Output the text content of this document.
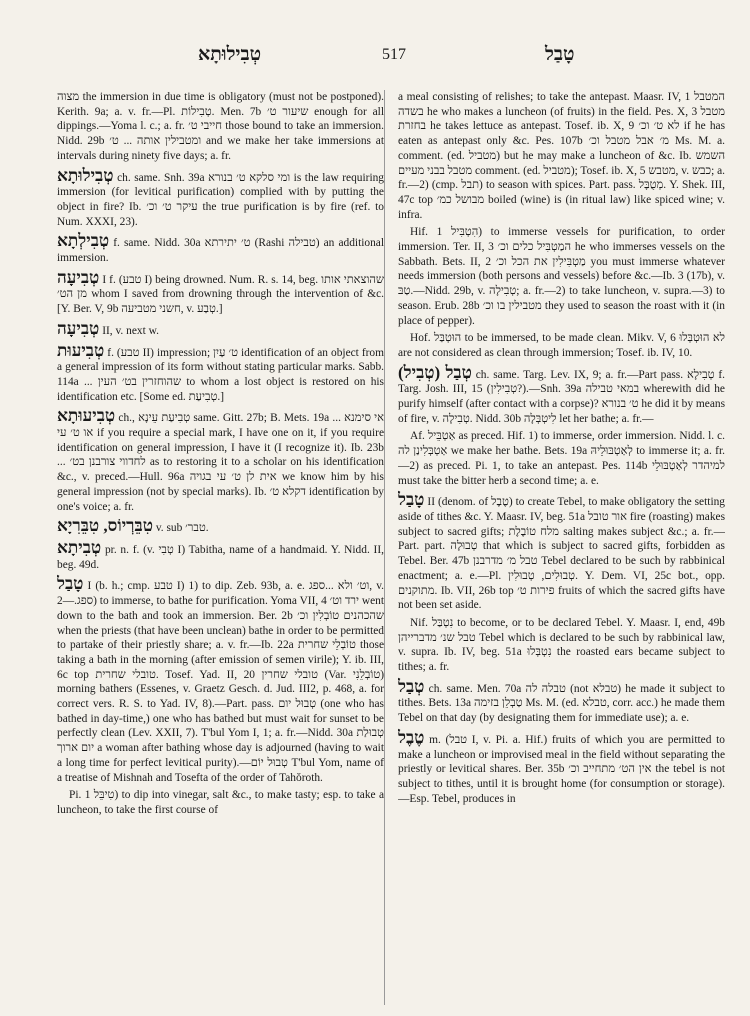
טְבִילוּתָא	517	טָבַל

מצוה the immersion in due time is obligatory (must not be postponed). Kerith. 9a; a. v. fr.—Pl. טְבִילוֹת. Men. 7b שיעור ט׳ enough for all dippings.—Yoma l. c.; a. fr. חייבי ט׳ those bound to take an immersion. Nidd. 29b ומטבילין אותה ... ט׳ and we make her take immersions at intervals during ninety five days; a. fr.

טְבִילוּתָא ch. same. Snh. 39a ומי סלקא ט׳ בנורא is the law requiring immersion (for levitical purification) complied with by putting the object in fire? Ib. עיקר ט׳ וכ׳ the true purification is by fire (ref. to Num. XXXI, 23).

טְבִילְתָא f. same. Nidd. 30a ט׳ יתירתא (Rashi טבילה) an additional immersion.

טְבִיעָה I f. (טבע I) being drowned. Num. R. s. 14, beg. שהוצאתי אותו מן הט׳ whom I saved from drowning through the intervention of &c. [Y. Ber. V, 9b חשני מטביעה, v. טְבַע.]

טְבִיעָה II, v. next w.

טְבִיעוּת f. (טבע II) impression; ט׳ עַיִן identification of an object from a general impression of its form without stating particular marks. Sabb. 114a ... שהוחזרין בט׳ העין to whom a lost object is restored on his identification etc. [Some ed. טְבִיעַת.]

טְבִיעוּתָא ch., טְבִיעַת עֵינָא same. Gitt. 27b; B. Mets. 19a אי סימנא ... או ט׳ עי if you require a special mark, I have one on it, if you require identification on general impression, I have it (I recognize it). Ib. 23b ... לחדווי צורבנן בט׳ as to restoring it to a scholar on his identification &c., v. preced.—Hull. 96a אית לן ט׳ עי בגויה we know him by his general impression (not by special marks). Ib. דקלא ט׳ identification by one's voice; a. fr.

טִבֵּרְיוֹס, טִבֵּרִיָא v. sub טבר׳.

טְבִיתָא pr. n. f. (v. טְבִי I) Tabitha, name of a handmaid. Y. Nidd. II, beg. 49d.

טָבַל I (b. h.; cmp. טבע I) 1) to dip. Zeb. 93b, a. e. וט׳ ולא ...ספג, v. ספג.—2) to immerse, to bathe for purification. Yoma VII, 4 ירד וט׳ went down to the bath and took an immersion. Ber. 2b שהכהנים טוֹבְלִין וכ׳ when the priests (that have been unclean) bathe in order to be permitted to partake of their priestly share; a. v. fr.—Ib. 22a טוֹבְלֵי שחרית those taking a bath in the morning (after emission of semen virile); Y. ib. III, 6c top טובלי שחרית. Tosef. Yad. II, 20 טובלי שחרין (Var. טוֹבְלֵנִי) morning bathers (Essenes, v. Graetz Gesch. d. Jud. III2, p. 468, a. for correct vers. R. S. to Yad. IV, 8).—Part. pass. טְבוּל יום (one who has bathed in day-time,) one who has bathed but must wait for sunset to be perfectly clean (Lev. XXII, 7). T'bul Yom I, 1; a. fr.—Nidd. 30a טְבוּלַת יום ארוך a woman after bathing whose day is adjourned (having to wait a long time for perfect levitical purity).—טְבוּל יוֹם T'bul Yom, name of a treatise of Mishnah and Tosefta of the order of Tahŏroth.

Pi. טִיבֵּל 1) to dip into vinegar, salt &c., to make tasty; esp. to take a luncheon, to take the first course of

a meal consisting of relishes; to take the antepast. Maasr. IV, 1 המטבל בשדה he who makes a luncheon (of fruits) in the field. Pes. X, 3 מטבל בחזרת he takes lettuce as antepast. Tosef. ib. X, 9 לא ט׳ וכ׳ if he has eaten as antepast only &c. Pes. 107b מ׳ אבל מטבל וכ׳ Ms. M. a. comment. (ed. מטביל) but he may make a luncheon of &c. Ib. השמש מטבל בבני מעיים comment. (ed. מטביל); Tosef. ib. X, 5 מטבש, v. כבש; a. fr.—2) (cmp. תבל) to season with spices. Part. pass. מְטֻבָּל. Y. Shek. III, 47c top מבושל כמ׳ boiled (wine) is (in ritual law) like spiced wine; v. infra.

Hif. הִטְבִּיל 1) to immerse vessels for purification, to order immersion. Ter. II, 3 המַטְבִּיל כלים וכ׳ he who immerses vessels on the Sabbath. Bets. II, 2 מַטְבִּילִין את הכל וכ׳ you must immerse whatever needs immersion (both persons and vessels) before &c.—Ib. 3 (17b), v. טַבּ.—Nidd. 29b, v. טְבִילָה; a. fr.—2) to take luncheon, v. supra.—3) to season. Erub. 28b מטבילין בו וכ׳ they used to season the roast with it (in place of pepper).

Hof. הוּטְבַּל to be immersed, to be made clean. Mikv. V, 6 לא הוּטְבְּלוּ are not considered as clean through immersion; Tosef. ib. IV, 10.

טְבַל (טְבִיל) ch. same. Targ. Lev. IX, 9; a. fr.—Part pass. טְבִילָא f. Targ. Josh. III, 15 (טְבִילִין?).—Snh. 39a במאי טבילה wherewith did he purify himself (after contact with a corpse)? ט׳ בנורא he did it by means of fire, v. טְבִילָה. Nidd. 30b לִיטְבְּלָה let her bathe; a. fr.—

Af. אַטְבֵּיל as preced. Hif. 1) to immerse, order immersion. Nidd. l. c. אַטְבְּלִינַן לה we make her bathe. Bets. 19a לְאַטְבּוּלֵיהּ to immerse it; a. fr.—2) as preced. Pi. 1, to take an antepast. Pes. 114b למיהדר לְאַטְבּוּלֵי must take the bitter herb a second time; a. e.

טָבַל II (denom. of טֶבֶל) to create Tebel, to make obligatory the setting aside of tithes &c. Y. Maasr. IV, beg. 51a אור טובל fire (roasting) makes subject to sacred gifts; מלח טוֹבֶלֶת salting makes subject &c.; a. fr.—Part. part. טְבוּלָה that which is subject to sacred gifts, forbidden as Tebel. Ber. 47b טבל מ׳ מדרבנן Tebel declared to be such by rabbinical enactment; a. e.—Pl. טְבוּלִים, טְבוּלִין. Y. Dem. VI, 25c bot., opp. מתוקנים. Ib. VII, 26b top פירות ט׳ fruits of which the sacred gifts have not been set aside.

Nif. נִטְבַּל to become, or to be declared Tebel. Y. Maasr. I, end, 49b טבל שנ׳ מדברייהן Tebel which is declared to be such by rabbinical law, v. supra. Ib. IV, beg. 51a נִטְבְּלוּ the roasted ears became subject to tithes; a. fr.

טְבַל ch. same. Men. 70a טבלה לה (not טבלא) he made it subject to tithes. Bets. 13a טַבְלֵן בזימה Ms. M. (ed. טבלא, corr. acc.) he made them Tebel on that day (by designating them for immediate use); a. e.

טֶבֶל m. (טבל I, v. Pi. a. Hif.) fruits of which you are permitted to make a luncheon or improvised meal in the field without separating the priestly or levitical shares. Ber. 35b אין הט׳ מתחייב וכ׳ the tebel is not subject to tithes, until it is brought home (for consumption or storage).—Esp. Tebel, produces in
